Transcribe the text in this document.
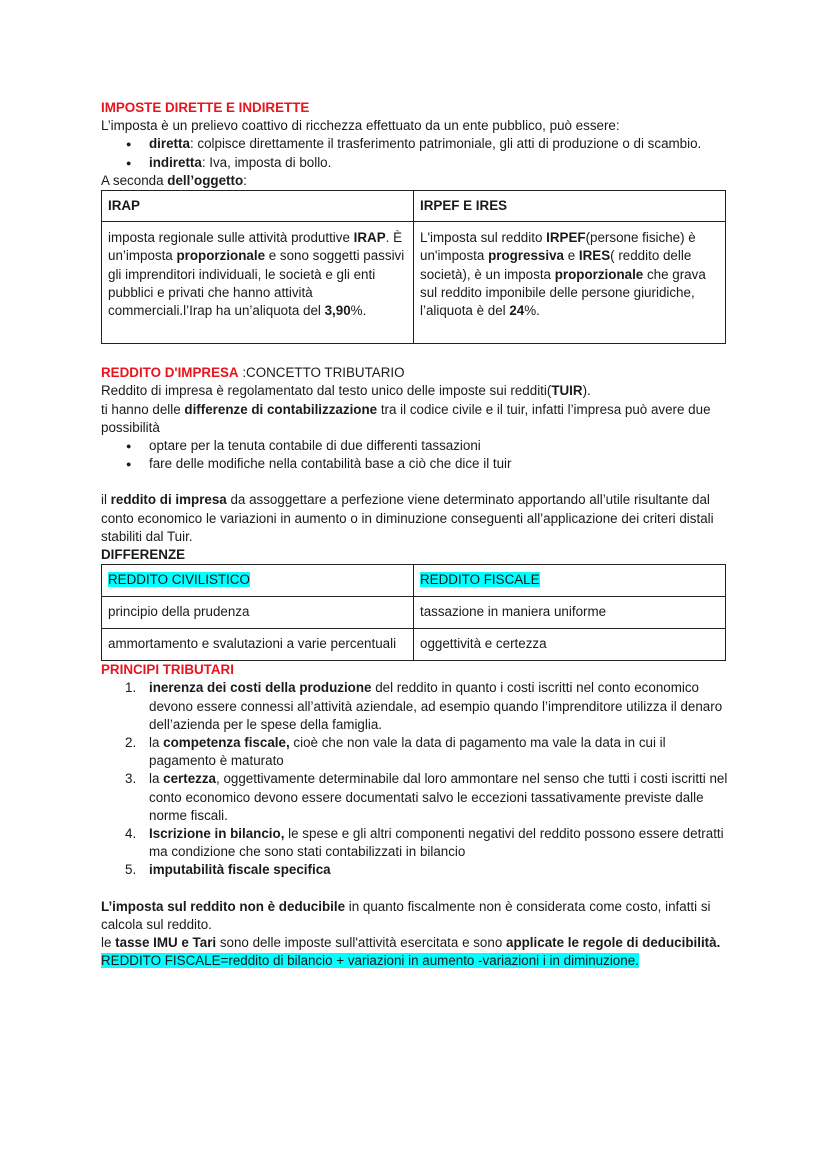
IMPOSTE DIRETTE E INDIRETTE

L’imposta è un prelievo coattivo di ricchezza effettuato da un ente pubblico, può essere:

● diretta: colpisce direttamente il trasferimento patrimoniale, gli atti di produzione o di scambio.
● indiretta: Iva, imposta di bollo.

A seconda dell’oggetto:

IRAP	IRPEF E IRES
imposta regionale sulle attività produttive IRAP. È un’imposta proporzionale e sono soggetti passivi gli imprenditori individuali, le società e gli enti pubblici e privati che hanno attività commerciali.l’Irap ha un’aliquota del 3,90%.	L'imposta sul reddito IRPEF(persone fisiche) è un'imposta progressiva e IRES( reddito delle società), è un imposta proporzionale che grava sul reddito imponibile delle persone giuridiche, l’aliquota è del 24%.

REDDITO D'IMPRESA :CONCETTO TRIBUTARIO

Reddito di impresa è regolamentato dal testo unico delle imposte sui redditi(TUIR).

ti hanno delle differenze di contabilizzazione tra il codice civile e il tuir, infatti l’impresa può avere due possibilità

● optare per la tenuta contabile di due differenti tassazioni
● fare delle modifiche nella contabilità base a ciò che dice il tuir

il reddito di impresa da assoggettare a perfezione viene determinato apportando all’utile risultante dal conto economico le variazioni in aumento o in diminuzione conseguenti all’applicazione dei criteri distali stabiliti dal Tuir.

DIFFERENZE

REDDITO CIVILISTICO	REDDITO FISCALE
principio della prudenza	tassazione in maniera uniforme
ammortamento e svalutazioni a varie percentuali	oggettività e certezza

PRINCIPI TRIBUTARI

1. inerenza dei costi della produzione del reddito in quanto i costi iscritti nel conto economico devono essere connessi all’attività aziendale, ad esempio quando l’imprenditore utilizza il denaro dell’azienda per le spese della famiglia.
2. la competenza fiscale, cioè che non vale la data di pagamento ma vale la data in cui il pagamento è maturato
3. la certezza, oggettivamente determinabile dal loro ammontare nel senso che tutti i costi iscritti nel conto economico devono essere documentati salvo le eccezioni tassativamente previste dalle norme fiscali.
4. Iscrizione in bilancio, le spese e gli altri componenti negativi del reddito possono essere detratti ma condizione che sono stati contabilizzati in bilancio
5. imputabilità fiscale specifica

L’imposta sul reddito non è deducibile in quanto fiscalmente non è considerata come costo, infatti si calcola sul reddito.

le tasse IMU e Tari sono delle imposte sull'attività esercitata e sono applicate le regole di deducibilità.

REDDITO FISCALE=reddito di bilancio + variazioni in aumento -variazioni i in diminuzione.
